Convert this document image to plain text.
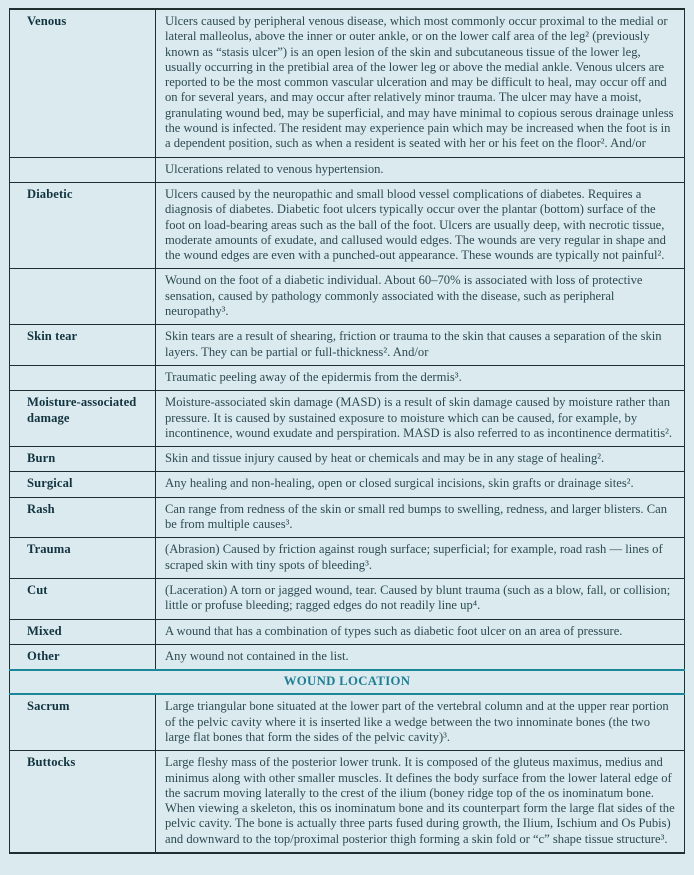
Venous	Ulcers caused by peripheral venous disease, which most commonly occur proximal to the medial or lateral malleolus, above the inner or outer ankle, or on the lower calf area of the leg² (previously known as “stasis ulcer”) is an open lesion of the skin and subcutaneous tissue of the lower leg, usually occurring in the pretibial area of the lower leg or above the medial ankle. Venous ulcers are reported to be the most common vascular ulceration and may be difficult to heal, may occur off and on for several years, and may occur after relatively minor trauma. The ulcer may have a moist, granulating wound bed, may be superficial, and may have minimal to copious serous drainage unless the wound is infected. The resident may experience pain which may be increased when the foot is in a dependent position, such as when a resident is seated with her or his feet on the floor². And/or
	Ulcerations related to venous hypertension.
Diabetic	Ulcers caused by the neuropathic and small blood vessel complications of diabetes. Requires a diagnosis of diabetes. Diabetic foot ulcers typically occur over the plantar (bottom) surface of the foot on load-bearing areas such as the ball of the foot. Ulcers are usually deep, with necrotic tissue, moderate amounts of exudate, and callused would edges. The wounds are very regular in shape and the wound edges are even with a punched-out appearance. These wounds are typically not painful².
	Wound on the foot of a diabetic individual. About 60–70% is associated with loss of protective sensation, caused by pathology commonly associated with the disease, such as peripheral neuropathy³.
Skin tear	Skin tears are a result of shearing, friction or trauma to the skin that causes a separation of the skin layers. They can be partial or full-thickness². And/or
	Traumatic peeling away of the epidermis from the dermis³.
Moisture-associated damage	Moisture-associated skin damage (MASD) is a result of skin damage caused by moisture rather than pressure. It is caused by sustained exposure to moisture which can be caused, for example, by incontinence, wound exudate and perspiration. MASD is also referred to as incontinence dermatitis².
Burn	Skin and tissue injury caused by heat or chemicals and may be in any stage of healing².
Surgical	Any healing and non-healing, open or closed surgical incisions, skin grafts or drainage sites².
Rash	Can range from redness of the skin or small red bumps to swelling, redness, and larger blisters. Can be from multiple causes³.
Trauma	(Abrasion) Caused by friction against rough surface; superficial; for example, road rash — lines of scraped skin with tiny spots of bleeding³.
Cut	(Laceration) A torn or jagged wound, tear. Caused by blunt trauma (such as a blow, fall, or collision; little or profuse bleeding; ragged edges do not readily line up⁴.
Mixed	A wound that has a combination of types such as diabetic foot ulcer on an area of pressure.
Other	Any wound not contained in the list.
WOUND LOCATION	
Sacrum	Large triangular bone situated at the lower part of the vertebral column and at the upper rear portion of the pelvic cavity where it is inserted like a wedge between the two innominate bones (the two large flat bones that form the sides of the pelvic cavity)³.
Buttocks	Large fleshy mass of the posterior lower trunk. It is composed of the gluteus maximus, medius and minimus along with other smaller muscles. It defines the body surface from the lower lateral edge of the sacrum moving laterally to the crest of the ilium (boney ridge top of the os inominatum bone. When viewing a skeleton, this os inominatum bone and its counterpart form the large flat sides of the pelvic cavity. The bone is actually three parts fused during growth, the Ilium, Ischium and Os Pubis) and downward to the top/proximal posterior thigh forming a skin fold or “c” shape tissue structure³.
